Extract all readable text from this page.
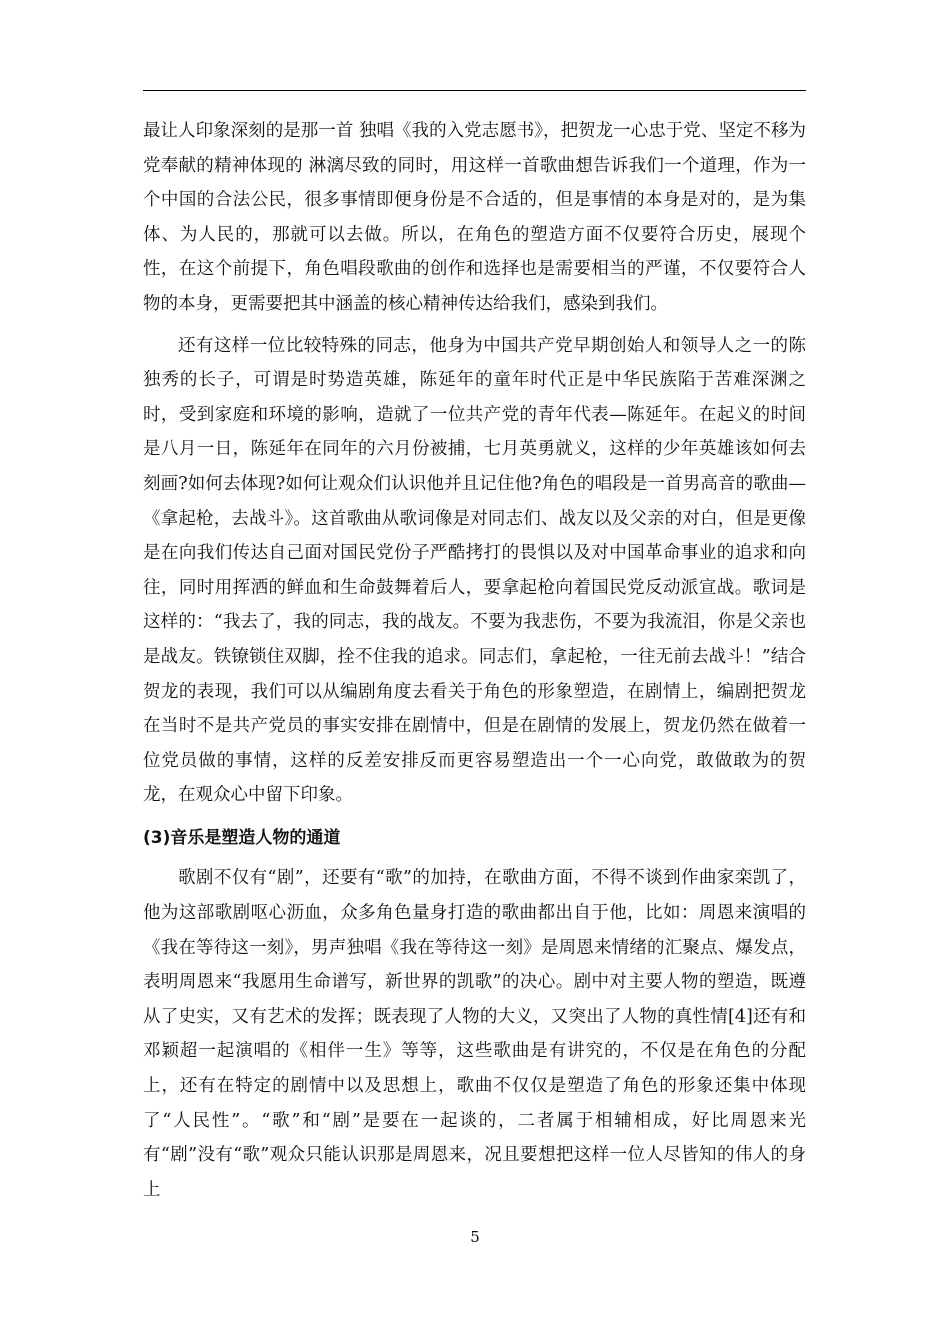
最让人印象深刻的是那一首 独唱《我的入党志愿书》，把贺龙一心忠于党、坚定不移为党奉献的精神体现的 淋漓尽致的同时，用这样一首歌曲想告诉我们一个道理，作为一个中国的合法公民，很多事情即便身份是不合适的，但是事情的本身是对的，是为集体、为人民的，那就可以去做。所以，在角色的塑造方面不仅要符合历史，展现个性，在这个前提下，角色唱段歌曲的创作和选择也是需要相当的严谨，不仅要符合人物的本身，更需要把其中涵盖的核心精神传达给我们，感染到我们。

还有这样一位比较特殊的同志，他身为中国共产党早期创始人和领导人之一的陈独秀的长子，可谓是时势造英雄，陈延年的童年时代正是中华民族陷于苦难深渊之时，受到家庭和环境的影响，造就了一位共产党的青年代表—陈延年。在起义的时间是八月一日，陈延年在同年的六月份被捕，七月英勇就义，这样的少年英雄该如何去刻画?如何去体现?如何让观众们认识他并且记住他?角色的唱段是一首男高音的歌曲—《拿起枪，去战斗》。这首歌曲从歌词像是对同志们、战友以及父亲的对白，但是更像是在向我们传达自己面对国民党份子严酷拷打的畏惧以及对中国革命事业的追求和向往，同时用挥洒的鲜血和生命鼓舞着后人，要拿起枪向着国民党反动派宣战。歌词是这样的：“我去了，我的同志，我的战友。不要为我悲伤，不要为我流泪，你是父亲也是战友。铁镣锁住双脚，拴不住我的追求。同志们，拿起枪，一往无前去战斗！”结合贺龙的表现，我们可以从编剧角度去看关于角色的形象塑造，在剧情上，编剧把贺龙在当时不是共产党员的事实安排在剧情中，但是在剧情的发展上，贺龙仍然在做着一位党员做的事情，这样的反差安排反而更容易塑造出一个一心向党，敢做敢为的贺龙，在观众心中留下印象。

(3)音乐是塑造人物的通道

歌剧不仅有“剧”，还要有“歌”的加持，在歌曲方面，不得不谈到作曲家栾凯了，他为这部歌剧呕心沥血，众多角色量身打造的歌曲都出自于他，比如：周恩来演唱的《我在等待这一刻》，男声独唱《我在等待这一刻》是周恩来情绪的汇聚点、爆发点，表明周恩来“我愿用生命谱写，新世界的凯歌”的决心。剧中对主要人物的塑造，既遵从了史实，又有艺术的发挥；既表现了人物的大义，又突出了人物的真性情[4]还有和邓颖超一起演唱的《相伴一生》等等，这些歌曲是有讲究的，不仅是在角色的分配上，还有在特定的剧情中以及思想上，歌曲不仅仅是塑造了角色的形象还集中体现了“人民性”。“歌”和“剧”是要在一起谈的，二者属于相辅相成，好比周恩来光有“剧”没有“歌”观众只能认识那是周恩来，况且要想把这样一位人尽皆知的伟人的身上

5
